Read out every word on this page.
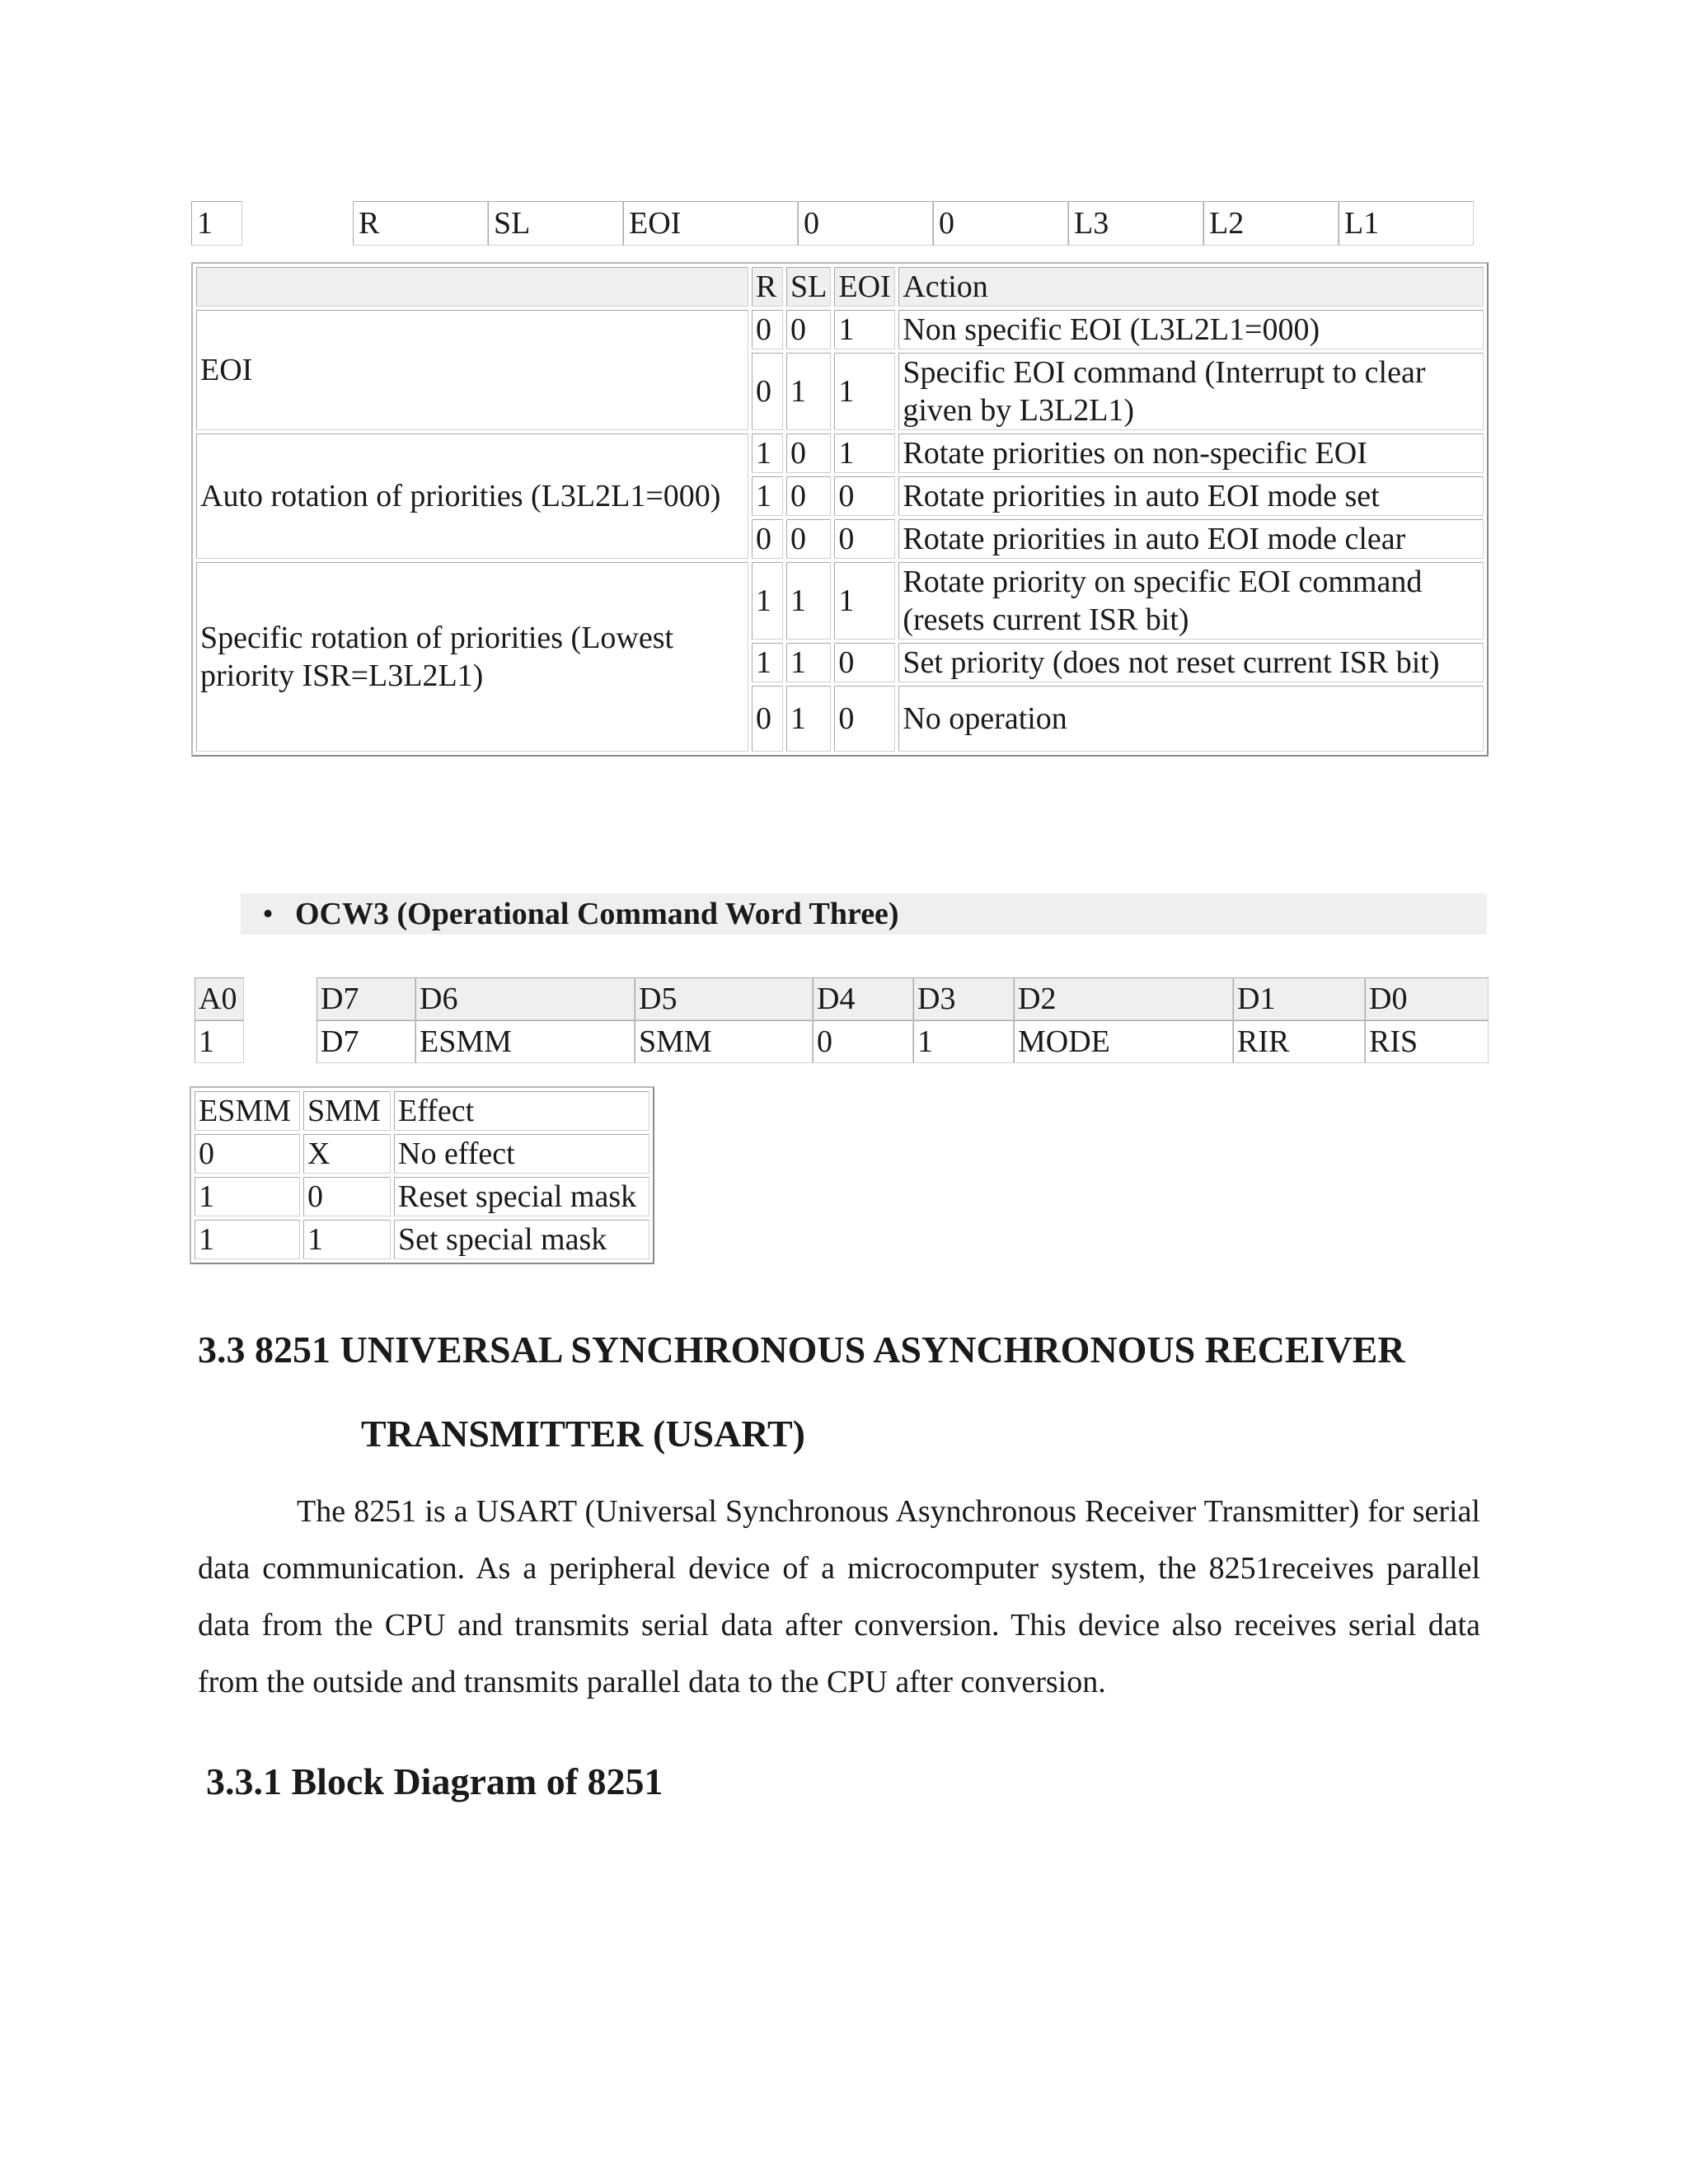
1		R	SL	EOI	0	0	L3	L2	L1
	R	SL	EOI	Action
EOI	0	0	1	Non specific EOI (L3L2L1=000)
	0	1	1	Specific EOI command (Interrupt to clear given by L3L2L1)
Auto rotation of priorities (L3L2L1=000)	1	0	1	Rotate priorities on non-specific EOI
	1	0	0	Rotate priorities in auto EOI mode set
	0	0	0	Rotate priorities in auto EOI mode clear
Specific rotation of priorities (Lowest priority ISR=L3L2L1)	1	1	1	Rotate priority on specific EOI command (resets current ISR bit)
	1	1	0	Set priority (does not reset current ISR bit)
	0	1	0	No operation
• OCW3 (Operational Command Word Three)
A0		D7	D6	D5	D4	D3	D2	D1	D0
1		D7	ESMM	SMM	0	1	MODE	RIR	RIS
ESMM	SMM	Effect
0	X	No effect
1	0	Reset special mask
1	1	Set special mask
3.3 8251 UNIVERSAL SYNCHRONOUS ASYNCHRONOUS RECEIVER
TRANSMITTER (USART)

The 8251 is a USART (Universal Synchronous Asynchronous Receiver Transmitter) for serial data communication. As a peripheral device of a microcomputer system, the 8251receives parallel data from the CPU and transmits serial data after conversion. This device also receives serial data from the outside and transmits parallel data to the CPU after conversion.

3.3.1 Block Diagram of 8251
